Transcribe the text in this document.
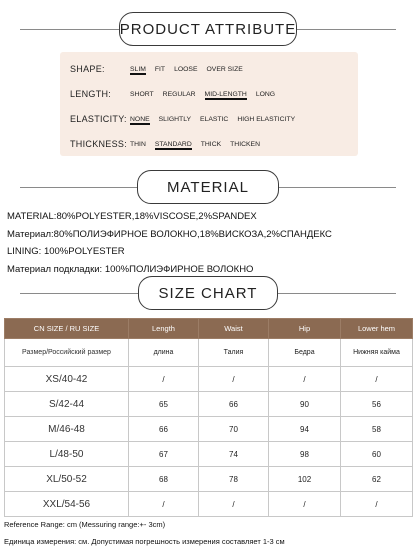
PRODUCT ATTRIBUTE
SHAPE:	SLIM FIT LOOSE OVER SIZE
LENGTH:	SHORT REGULAR MID-LENGTH LONG
ELASTICITY: NONE SLIGHTLY ELASTIC HIGH ELASTICITY
THICKNESS: THIN STANDARD THICK THICKEN
MATERIAL
MATERIAL:80%POLYESTER,18%VISCOSE,2%SPANDEX
Материал:80%ПОЛИЭФИРНОЕ ВОЛОКНО,18%ВИСКОЗА,2%СПАНДЕКС
LINING: 100%POLYESTER
Материал подкладки: 100%ПОЛИЭФИРНОЕ ВОЛОКНО
SIZE CHART
CN SIZE / RU SIZE	Length	Waist	Hip	Lower hem
Размер/Российский размер	длина	Талия	Бедра	Нижняя кайма
XS/40-42	/	/	/	/
S/42-44	65	66	90	56
M/46-48	66	70	94	58
L/48-50	67	74	98	60
XL/50-52	68	78	102	62
XXL/54-56	/	/	/	/
Reference Range: cm (Messuring range:+- 3cm)
Единица измерения: см. Допустимая погрешность измерения составляет 1-3 см
